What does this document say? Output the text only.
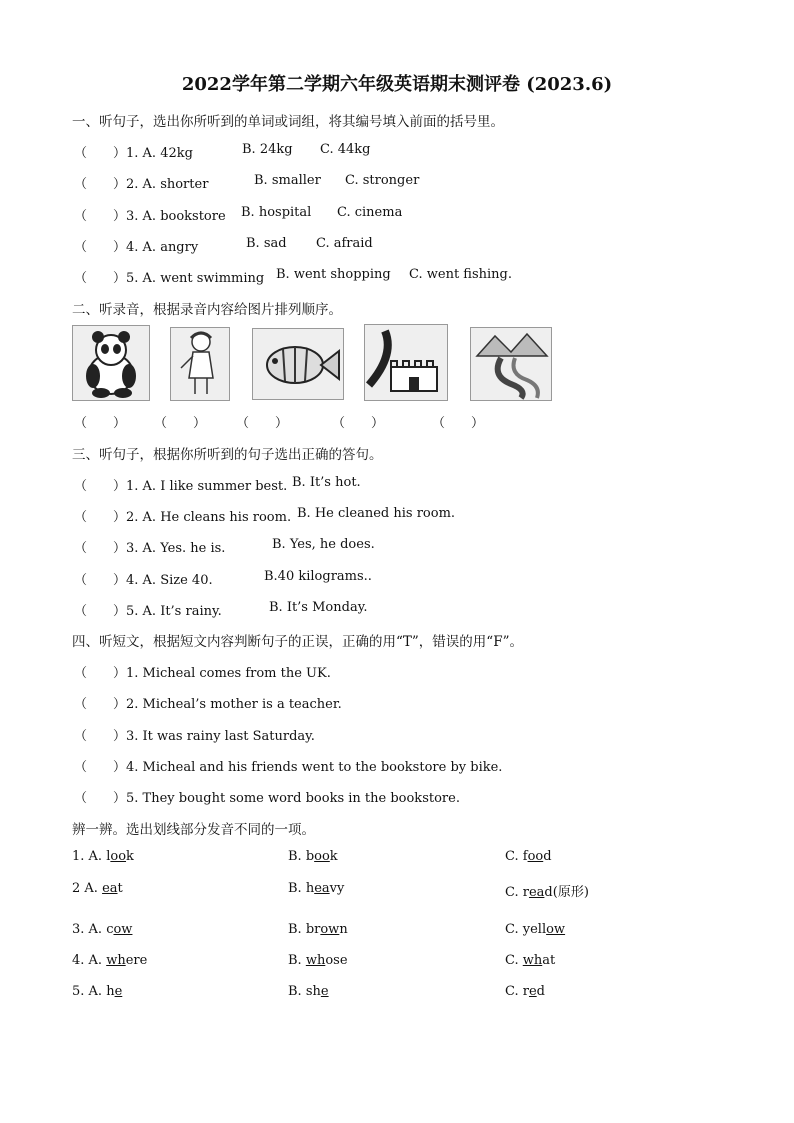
2022学年第二学期六年级英语期末测评卷 (2023.6)
一、听句子，选出你所听到的单词或词组，将其编号填入前面的括号里。
（　　）1. A. 42kg	B. 24kg C. 44kg
（　　）2. A. shorter	B. smaller C. stronger
（　　）3. A. bookstore B. hospital C. cinema
（　　）4. A. angry	B. sad C. afraid
（　　）5. A. went swimming B. went shopping C. went fishing.
二、听录音，根据录音内容给图片排列顺序。
（　　） （　　） （　　）	（　　）	（　　）
三、听句子，根据你所听到的句子选出正确的答句。
（　　）1. A. I like summer best. B. It’s hot.
（　　）2. A. He cleans his room. B. He cleaned his room.
（　　）3. A. Yes. he is.	B. Yes, he does.
（　　）4. A. Size 40.	B.40 kilograms..
（　　）5. A. It’s rainy.	B. It’s Monday.
四、听短文，根据短文内容判断句子的正误，正确的用“T”，错误的用“F”。
（　　）1. Micheal comes from the UK.
（　　）2. Micheal’s mother is a teacher.
（　　）3. It was rainy last Saturday.
（　　）4. Micheal and his friends went to the bookstore by bike.
（　　）5. They bought some word books in the bookstore.
辨一辨。选出划线部分发音不同的一项。
1. A. look	B. book	C. food
2 A. eat	B. heavy	C. read(原形)
3. A. cow	B. brown	C. yellow
4. A. where	B. whose	C. what
5. A. he	B. she	C. red
